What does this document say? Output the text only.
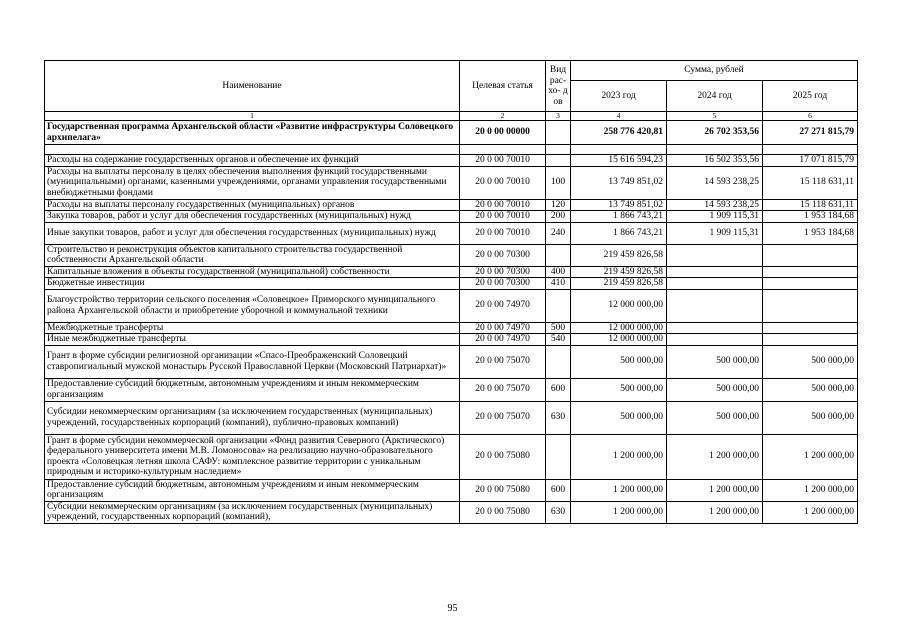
Наименование	Целевая статья	Вид рас- хо- дов	Сумма, рублей		
			2023 год	2024 год	2025 год
1	2	3	4	5	6
Государственная программа Архангельской области «Развитие инфраструктуры Соловецкого архипелага»	20 0 00 00000		258 776 420,81	26 702 353,56	27 271 815,79

Расходы на содержание государственных органов и обеспечение их функций	20 0 00 70010		15 616 594,23	16 502 353,56	17 071 815,79
Расходы на выплаты персоналу в целях обеспечения выполнения функций государственными (муниципальными) органами, казенными учреждениями, органами управления государственными внебюджетными фондами	20 0 00 70010	100	13 749 851,02	14 593 238,25	15 118 631,11
Расходы на выплаты персоналу государственных (муниципальных) органов	20 0 00 70010	120	13 749 851,02	14 593 238,25	15 118 631,11
Закупка товаров, работ и услуг для обеспечения государственных (муниципальных) нужд	20 0 00 70010	200	1 866 743,21	1 909 115,31	1 953 184,68
Иные закупки товаров, работ и услуг для обеспечения государственных (муниципальных) нужд	20 0 00 70010	240	1 866 743,21	1 909 115,31	1 953 184,68
Строительство и реконструкция объектов капитального строительства государственной собственности Архангельской области	20 0 00 70300		219 459 826,58		
Капитальные вложения в объекты государственной (муниципальной) собственности	20 0 00 70300	400	219 459 826,58		
Бюджетные инвестиции	20 0 00 70300	410	219 459 826,58		
Благоустройство территории сельского поселения «Соловецкое» Приморского муниципального района Архангельской области и приобретение уборочной и коммунальной техники	20 0 00 74970		12 000 000,00		
Межбюджетные трансферты	20 0 00 74970	500	12 000 000,00		
Иные межбюджетные трансферты	20 0 00 74970	540	12 000 000,00		
Грант в форме субсидии религиозной организации «Спасо-Преображенский Соловецкий ставропигиальный мужской монастырь Русской Православной Церкви (Московский Патриархат)»	20 0 00 75070		500 000,00	500 000,00	500 000,00
Предоставление субсидий бюджетным, автономным учреждениям и иным некоммерческим организациям	20 0 00 75070	600	500 000,00	500 000,00	500 000,00
Субсидии некоммерческим организациям (за исключением государственных (муниципальных) учреждений, государственных корпораций (компаний), публично-правовых компаний)	20 0 00 75070	630	500 000,00	500 000,00	500 000,00
Грант в форме субсидии некоммерческой организации «Фонд развития Северного (Арктического) федерального университета имени М.В. Ломоносова» на реализацию научно-образовательного проекта «Соловецкая летняя школа САФУ: комплексное развитие территории с уникальным природным и историко-культурным наследием»	20 0 00 75080		1 200 000,00	1 200 000,00	1 200 000,00
Предоставление субсидий бюджетным, автономным учреждениям и иным некоммерческим организациям	20 0 00 75080	600	1 200 000,00	1 200 000,00	1 200 000,00
Субсидии некоммерческим организациям (за исключением государственных (муниципальных) учреждений, государственных корпораций (компаний),	20 0 00 75080	630	1 200 000,00	1 200 000,00	1 200 000,00
95
